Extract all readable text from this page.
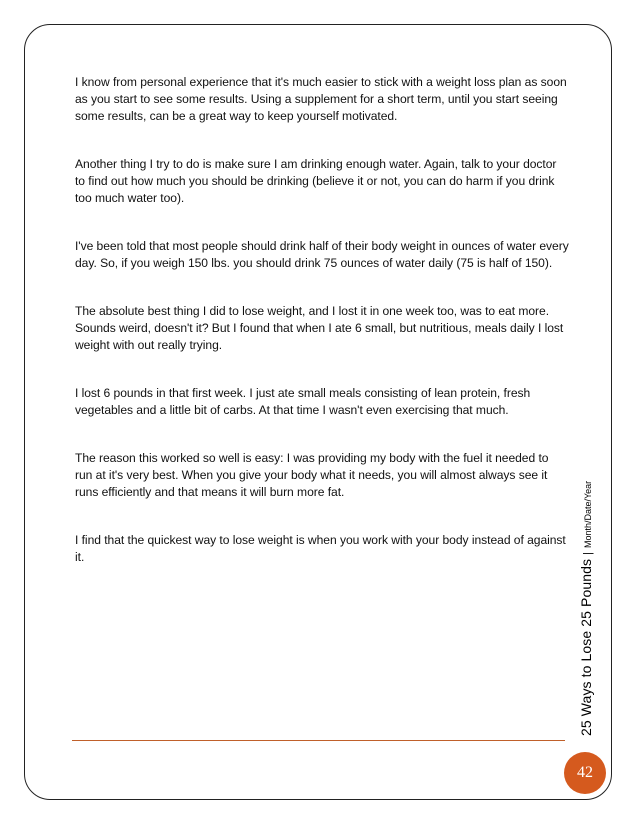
I know from personal experience that it's much easier to stick with a weight loss plan as soon as you start to see some results. Using a supplement for a short term, until you start seeing some results, can be a great way to keep yourself motivated.

Another thing I try to do is make sure I am drinking enough water. Again, talk to your doctor to find out how much you should be drinking (believe it or not, you can do harm if you drink too much water too).

I've been told that most people should drink half of their body weight in ounces of water every day. So, if you weigh 150 lbs. you should drink 75 ounces of water daily (75 is half of 150).

The absolute best thing I did to lose weight, and I lost it in one week too, was to eat more. Sounds weird, doesn't it? But I found that when I ate 6 small, but nutritious, meals daily I lost weight with out really trying.

I lost 6 pounds in that first week. I just ate small meals consisting of lean protein, fresh vegetables and a little bit of carbs. At that time I wasn't even exercising that much.

The reason this worked so well is easy: I was providing my body with the fuel it needed to run at it's very best. When you give your body what it needs, you will almost always see it runs efficiently and that means it will burn more fat.

I find that the quickest way to lose weight is when you work with your body instead of against it.

25 Ways to Lose 25 Pounds
|
Month/Date/Year
42
